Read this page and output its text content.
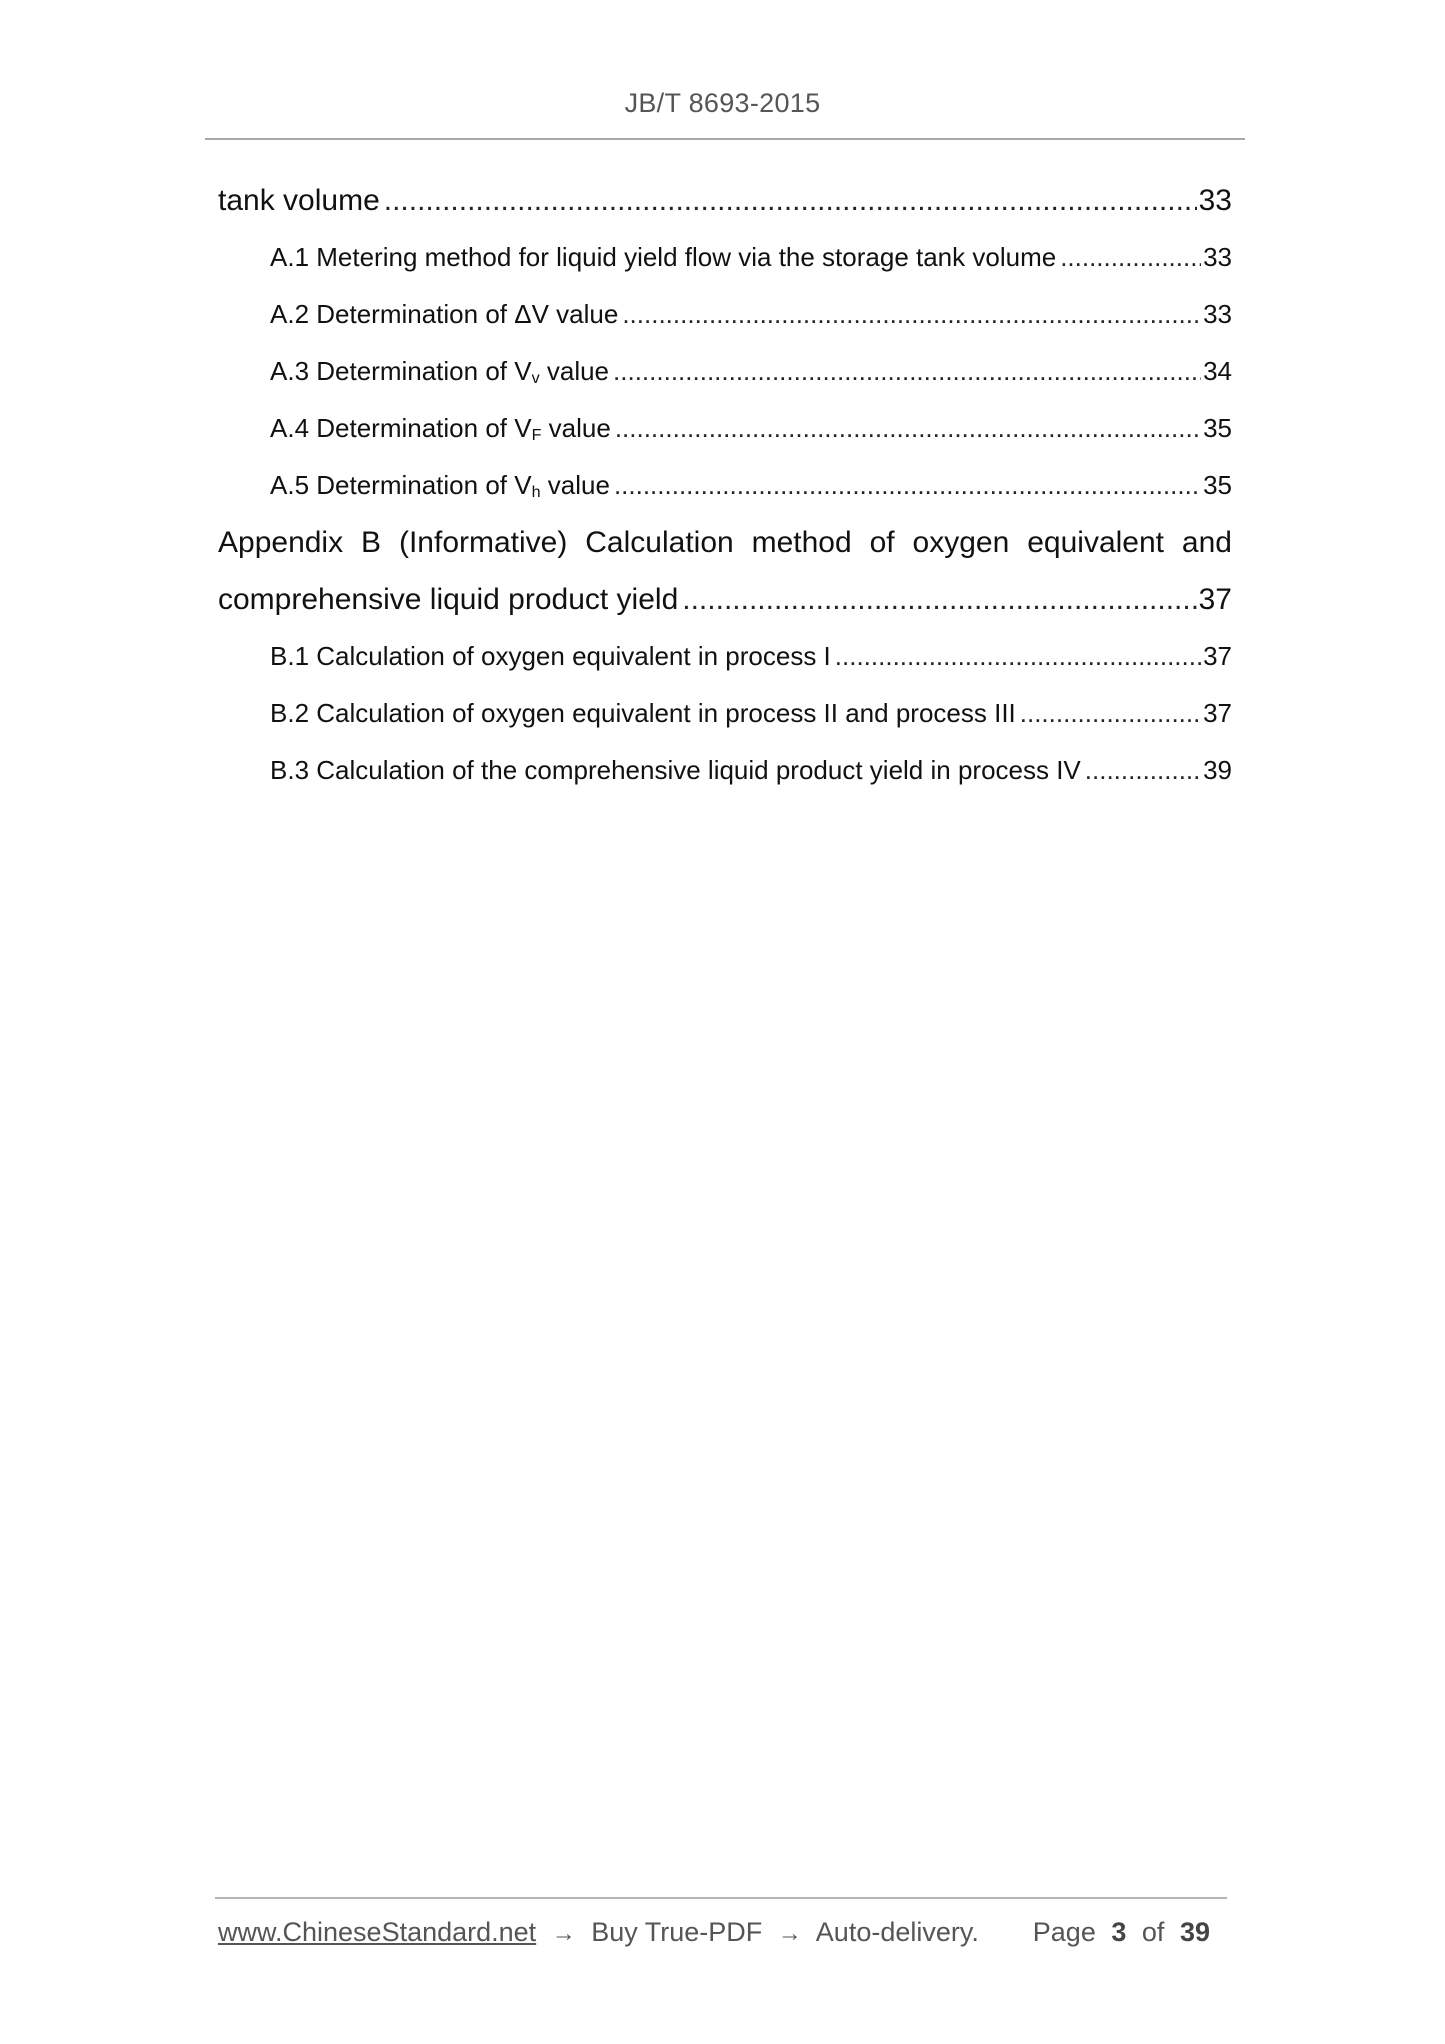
JB/T 8693-2015
tank volume .....	33
A.1 Metering method for liquid yield flow via the storage tank volume .....	33
A.2 Determination of ΔV value .....	33
A.3 Determination of $V_v$ value .....	34
A.4 Determination of $V_F$ value .....	35
A.5 Determination of $V_h$ value .....	35
Appendix B (Informative) Calculation method of oxygen equivalent and
comprehensive liquid product yield .....	37
B.1 Calculation of oxygen equivalent in process I .....	37
B.2 Calculation of oxygen equivalent in process II and process III .....	37
B.3 Calculation of the comprehensive liquid product yield in process IV .....	39
www.ChineseStandard.net → Buy True-PDF → Auto-delivery. Page 3 of 39
